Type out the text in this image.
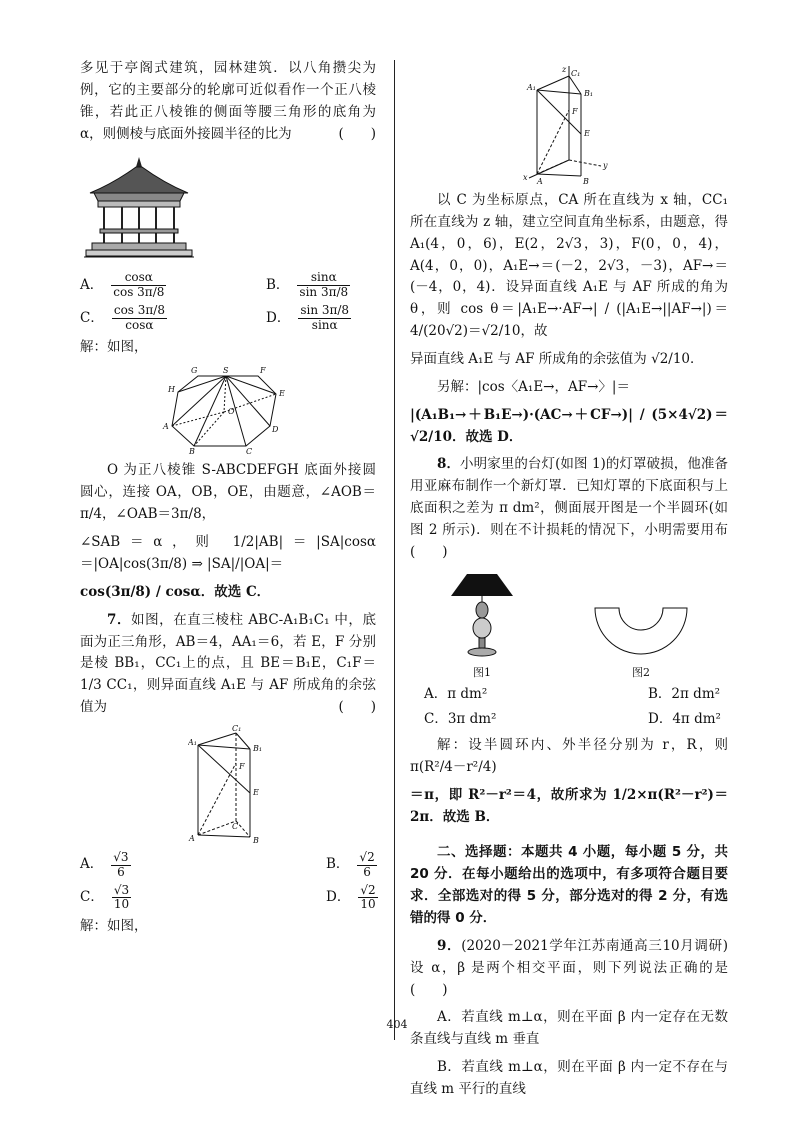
多见于亭阁式建筑，园林建筑．以八角攒尖为例，它的主要部分的轮廓可近似看作一个正八棱锥，若此正八棱锥的侧面等腰三角形的底角为 α，则侧棱与底面外接圆半径的比为	(　　)

A． $\frac{\cos\alpha}{\cos 3\pi/8}$	B． $\frac{\sin\alpha}{\sin 3\pi/8}$
C． $\frac{\cos 3\pi/8}{\cos\alpha}$	D． $\frac{\sin 3\pi/8}{\sin\alpha}$

解：如图，

G	S	F
H	E
A
O
D
B	C

O 为正八棱锥 S-ABCDEFGH 底面外接圆圆心，连接 OA，OB，OE，由题意，∠AOB＝π/4，∠OAB＝3π/8，

∠SAB＝α，则 1/2|AB|＝|SA|cosα＝|OA|cos(3π/8) ⇒ |SA|/|OA|＝

cos(3π/8) / cosα．故选 C．

7．如图，在直三棱柱 ABC-A₁B₁C₁ 中，底面为正三角形，AB＝4，AA₁＝6，若 E，F 分别是棱 BB₁，CC₁上的点，且 BE＝B₁E，C₁F＝1/3 CC₁，则异面直线 A₁E 与 AF 所成角的余弦值为	(　　)

C₁
A₁
B₁
F
E
A
C
B
A． $\frac{√3}{6}$	B． $\frac{√2}{6}$
C． $\frac{√3}{10}$	D． $\frac{√2}{10}$

解：如图，

z C₁
A₁
B₁
F
E
y
x A	B

以 C 为坐标原点，CA 所在直线为 x 轴，CC₁ 所在直线为 z 轴，建立空间直角坐标系，由题意，得 A₁(4，0，6)，E(2，2√3，3)，F(0，0，4)，A(4，0，0)，A₁E→＝(－2，2√3，－3)，AF→＝(－4，0，4)．设异面直线 A₁E 与 AF 所成的角为 θ，则 cos θ＝|A₁E→·AF→| / (|A₁E→||AF→|)＝4/(20√2)＝√2/10，故

异面直线 A₁E 与 AF 所成角的余弦值为 √2/10．

另解：|cos〈A₁E→，AF→〉|＝

|(A₁B₁→＋B₁E→)·(AC→＋CF→)| / (5×4√2)＝√2/10．故选 D．

8．小明家里的台灯(如图 1)的灯罩破损，他准备用亚麻布制作一个新灯罩．已知灯罩的下底面积与上底面积之差为 π dm²，侧面展开图是一个半圆环(如图 2 所示)．则在不计损耗的情况下，小明需要用布(　　)

图1	图2
A．π dm²	B．2π dm²
C．3π dm²	D．4π dm²

解：设半圆环内、外半径分别为 r，R，则 π(R²/4－r²/4)

＝π，即 R²－r²＝4，故所求为 1/2×π(R²－r²)＝2π．故选 B．

二、选择题：本题共 4 小题，每小题 5 分，共 20 分．在每小题给出的选项中，有多项符合题目要求．全部选对的得 5 分，部分选对的得 2 分，有选错的得 0 分．

9．(2020－2021学年江苏南通高三10月调研)设 α，β 是两个相交平面，则下列说法正确的是　　(　　)

A．若直线 m⊥α，则在平面 β 内一定存在无数条直线与直线 m 垂直

B．若直线 m⊥α，则在平面 β 内一定不存在与直线 m 平行的直线

404
